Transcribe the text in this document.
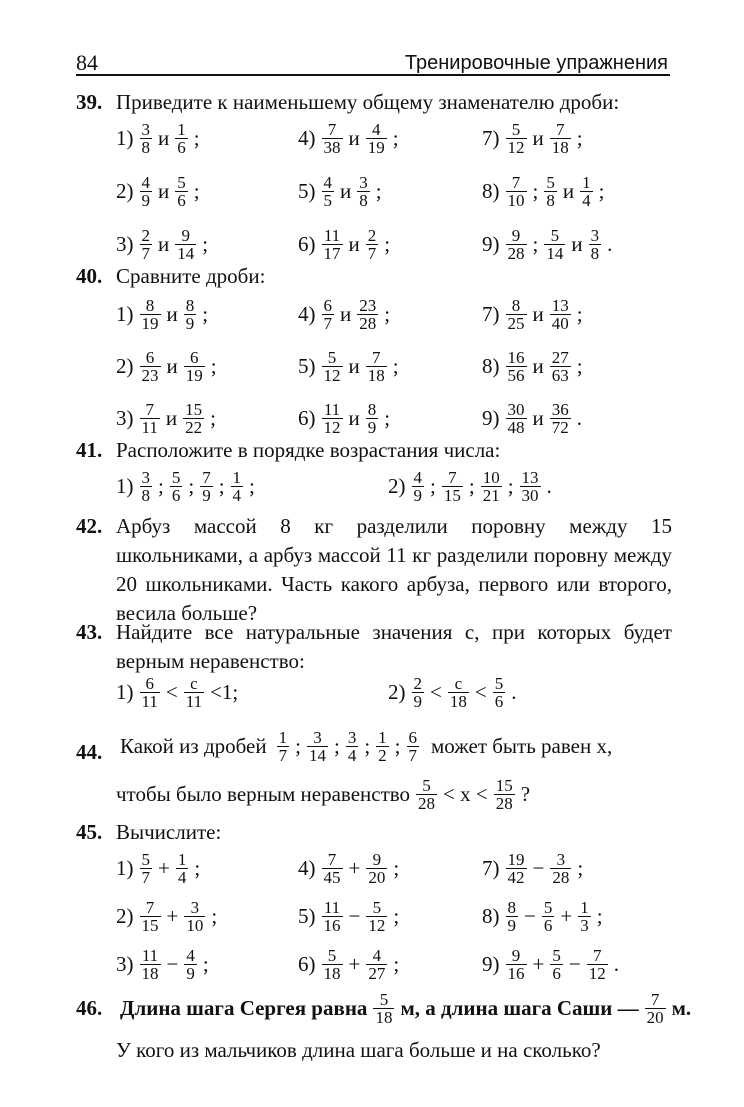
84	Тренировочные упражнения
39. Приведите к наименьшему общему знаменателю дроби:
$1) \frac{3}{8}$ и $\frac{1}{6}$ ;	$4) \frac{7}{38}$ и $\frac{4}{19}$ ;	$7) \frac{5}{12}$ и $\frac{7}{18}$ ;
$2) \frac{4}{9}$ и $\frac{5}{6}$ ;	$5) \frac{4}{5}$ и $\frac{3}{8}$ ;	$8) \frac{7}{10}$ ; $\frac{5}{8}$ и $\frac{1}{4}$ ;
$3) \frac{2}{7}$ и $\frac{9}{14}$ ;	$6) \frac{11}{17}$ и $\frac{2}{7}$ ;	$9) \frac{9}{28}$ ; $\frac{5}{14}$ и $\frac{3}{8}$ .
40. Сравните дроби:
$1) \frac{8}{19}$ и $\frac{8}{9}$ ;	$4) \frac{6}{7}$ и $\frac{23}{28}$ ;	$7) \frac{8}{25}$ и $\frac{13}{40}$ ;
$2) \frac{6}{23}$ и $\frac{6}{19}$ ;	$5) \frac{5}{12}$ и $\frac{7}{18}$ ;	$8) \frac{16}{56}$ и $\frac{27}{63}$ ;
$3) \frac{7}{11}$ и $\frac{15}{22}$ ;	$6) \frac{11}{12}$ и $\frac{8}{9}$ ;	$9) \frac{30}{48}$ и $\frac{36}{72}$ .
41. Расположите в порядке возрастания числа:
$1) \frac{3}{8}$ ; $\frac{5}{6}$ ; $\frac{7}{9}$ ; $\frac{1}{4}$ ;	$2) \frac{4}{9}$ ; $\frac{7}{15}$ ; $\frac{10}{21}$ ; $\frac{13}{30}$ .
42. Арбуз массой 8 кг разделили поровну между 15 школьниками, а арбуз массой 11 кг разделили поровну между 20 школьниками. Часть какого арбуза, первого или второго, весила больше?
43. Найдите все натуральные значения c, при которых будет верным неравенство:
$1) \frac{6}{11} < \frac{c}{11} <1$;	$2) \frac{2}{9} < \frac{c}{18} < \frac{5}{6}$ .
44. Какой из дробей $\frac{1}{7}$ ; $\frac{3}{14}$ ; $\frac{3}{4}$ ; $\frac{1}{2}$ ; $\frac{6}{7}$ может быть равен x,
чтобы было верным неравенство $\frac{5}{28} < x < \frac{15}{28}$ ?
45. Вычислите:
$1) \frac{5}{7} + \frac{1}{4}$ ;	$4) \frac{7}{45} + \frac{9}{20}$ ;	$7) \frac{19}{42} - \frac{3}{28}$ ;
$2) \frac{7}{15} + \frac{3}{10}$ ;	$5) \frac{11}{16} - \frac{5}{12}$ ;	$8) \frac{8}{9} - \frac{5}{6} + \frac{1}{3}$ ;
$3) \frac{11}{18} - \frac{4}{9}$ ;	$6) \frac{5}{18} + \frac{4}{27}$ ;	$9) \frac{9}{16} + \frac{5}{6} - \frac{7}{12}$ .
46. Длина шага Сергея равна $\frac{5}{18} м$, а длина шага Саши — $\frac{7}{20} м$.
У кого из мальчиков длина шага больше и на сколько?
